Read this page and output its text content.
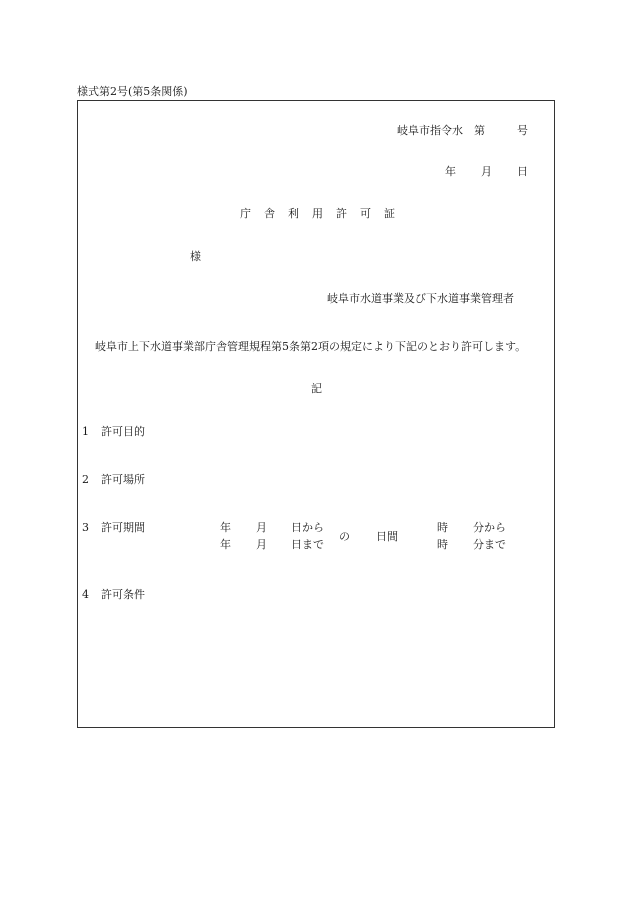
様式第2号(第5条関係)
岐阜市指令水 第	号
年 月 日
庁 舎 利 用 許 可 証
様
岐阜市水道事業及び下水道事業管理者
岐阜市上下水道事業部庁舎管理規程第5条第2項の規定により下記のとおり許可します。
記
1 許可目的
2 許可場所
3 許可期間	年 月 日から	時 分から
の 日間
年 月 日まで	時 分まで
4 許可条件
